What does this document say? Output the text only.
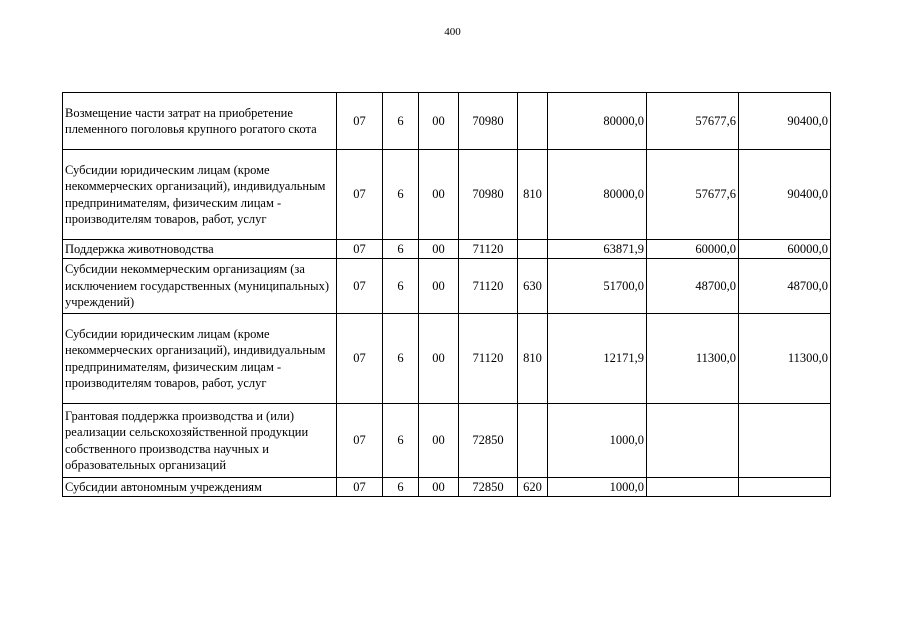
400
Возмещение части затрат на приобретение племенного поголовья крупного рогатого скота	07	6	00	70980		80000,0	57677,6	90400,0
Субсидии юридическим лицам (кроме некоммерческих организаций), индивидуальным предпринимателям, физическим лицам - производителям товаров, работ, услуг	07	6	00	70980	810	80000,0	57677,6	90400,0
Поддержка животноводства	07	6	00	71120		63871,9	60000,0	60000,0
Субсидии некоммерческим организациям (за исключением государственных (муниципальных) учреждений)	07	6	00	71120	630	51700,0	48700,0	48700,0
Субсидии юридическим лицам (кроме некоммерческих организаций), индивидуальным предпринимателям, физическим лицам - производителям товаров, работ, услуг	07	6	00	71120	810	12171,9	11300,0	11300,0
Грантовая поддержка производства и (или) реализации сельскохозяйственной продукции собственного производства научных и образовательных организаций	07	6	00	72850		1000,0		
Субсидии автономным учреждениям	07	6	00	72850	620	1000,0		
